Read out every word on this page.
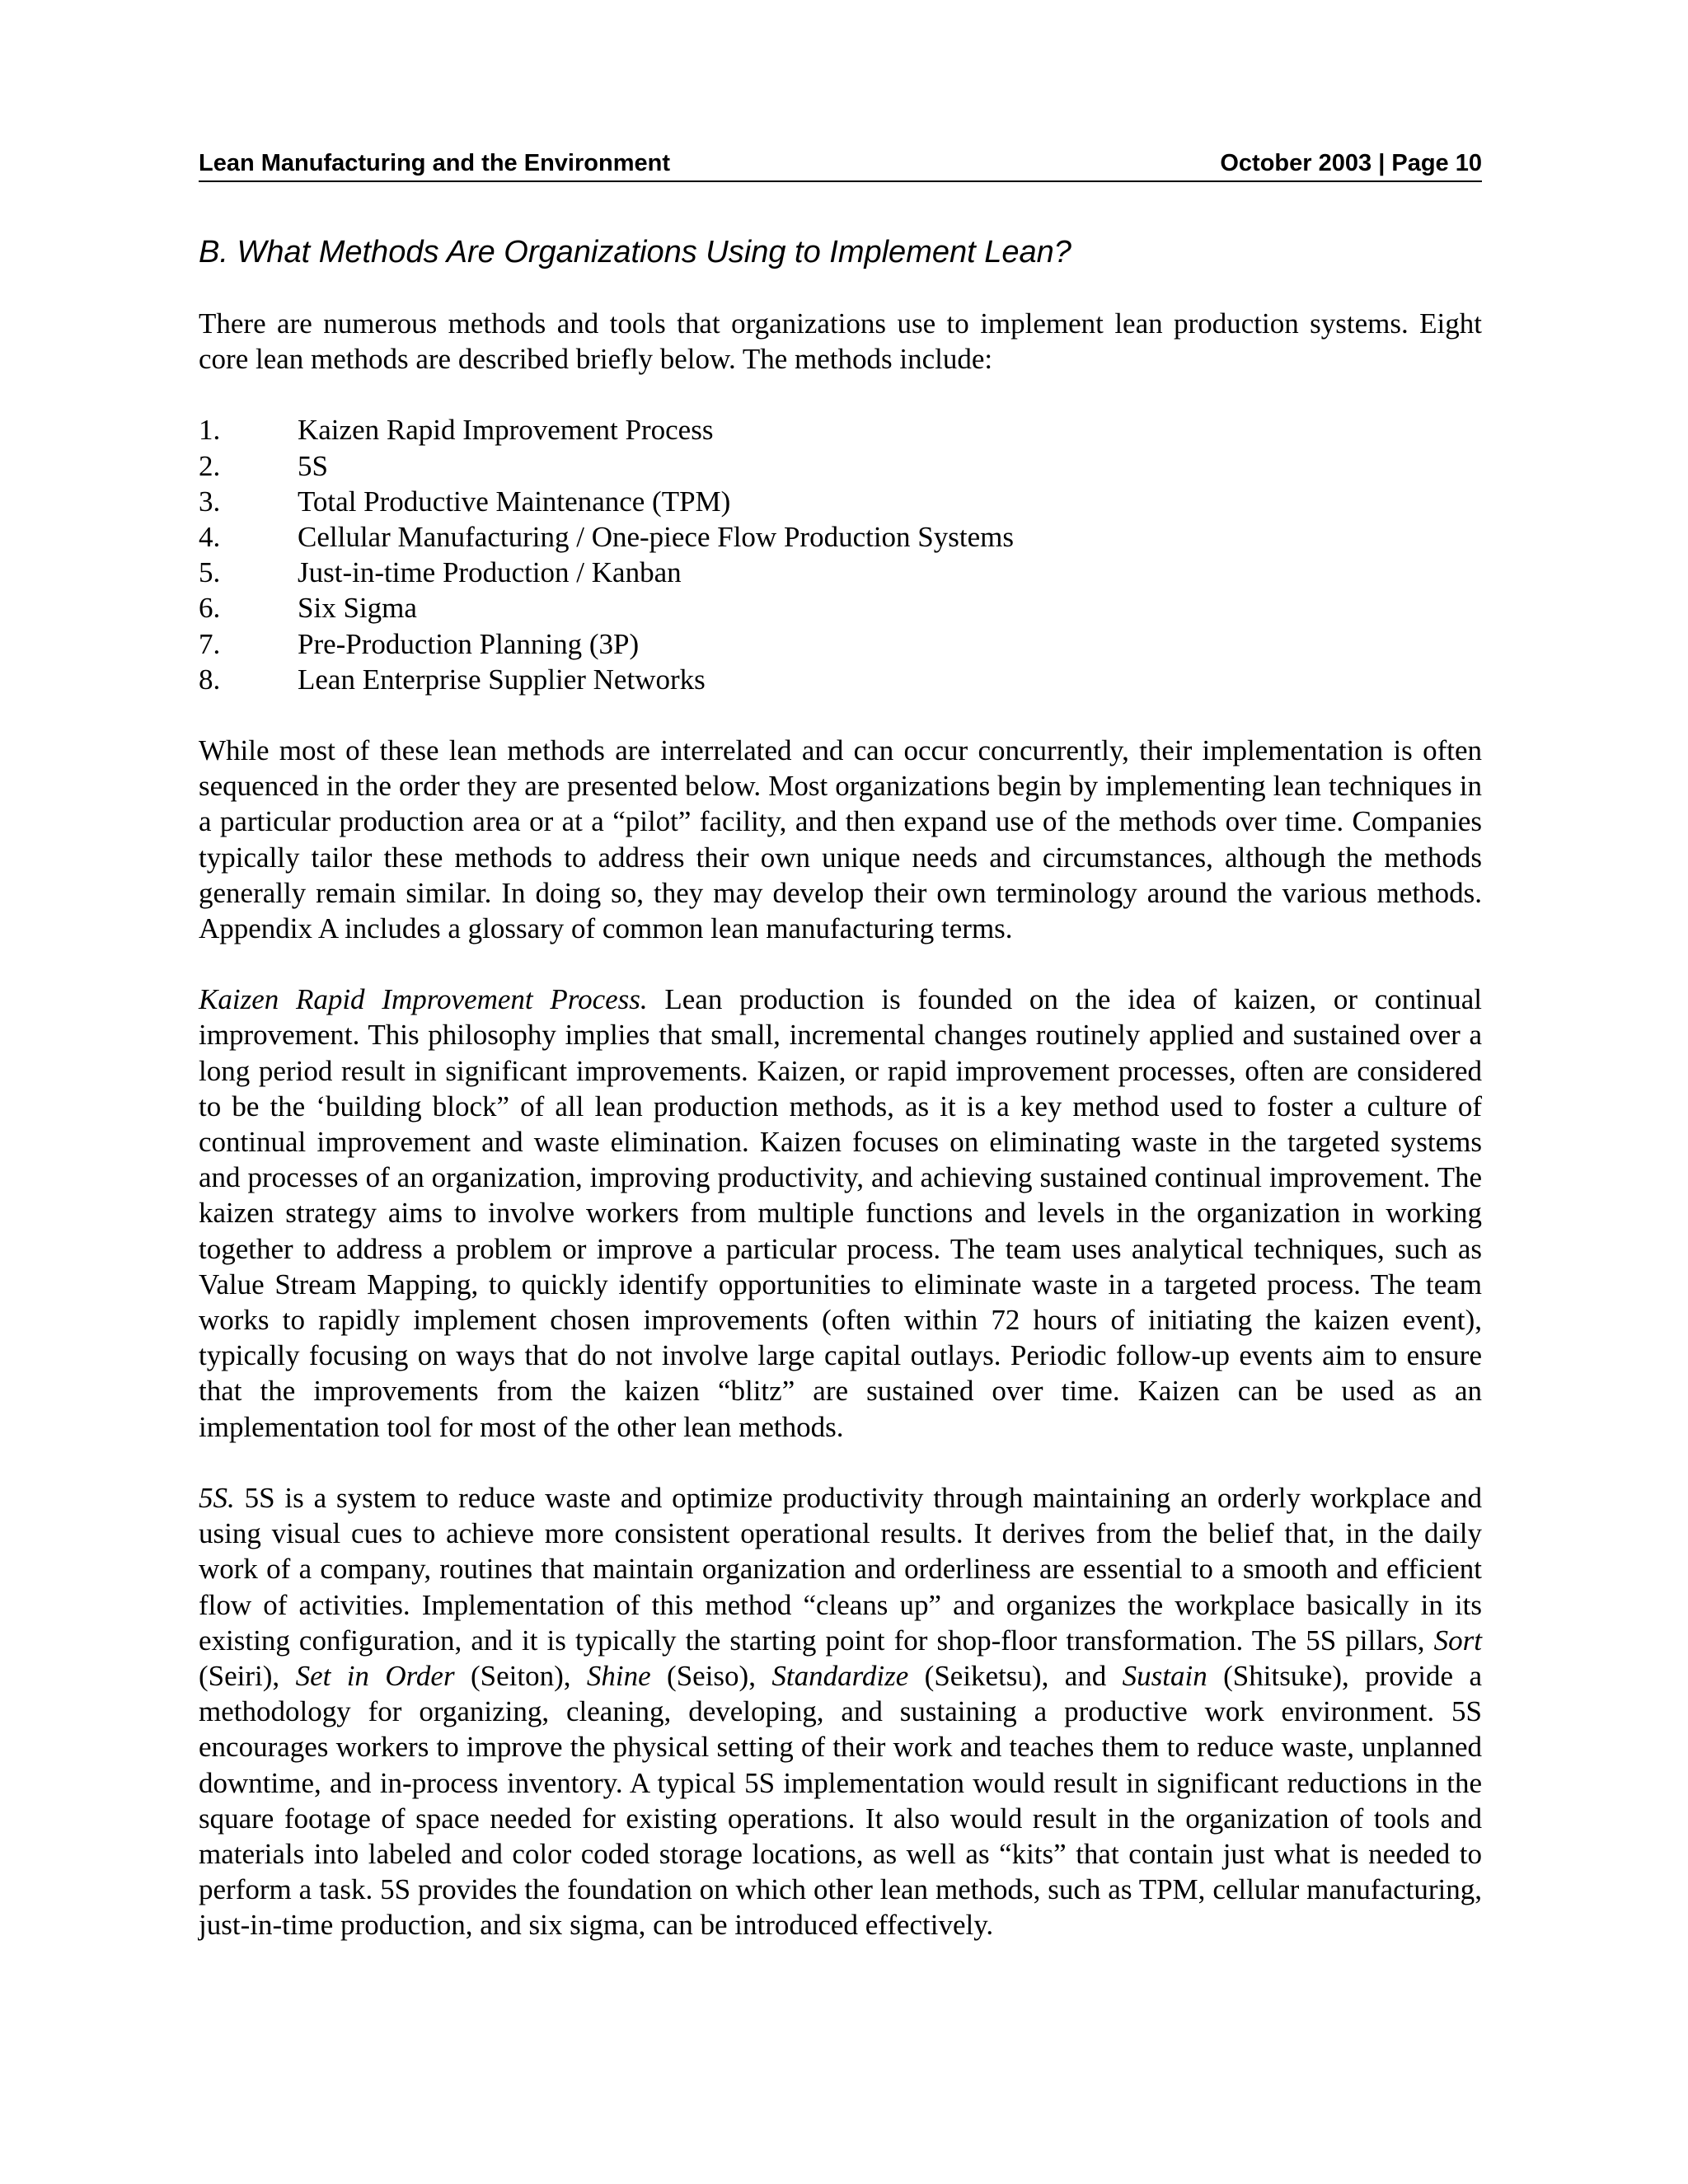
Lean Manufacturing and the Environment	October 2003 | Page 10
B. What Methods Are Organizations Using to Implement Lean?

There are numerous methods and tools that organizations use to implement lean production systems. Eight core lean methods are described briefly below. The methods include:

1.	Kaizen Rapid Improvement Process
2.	5S
3.	Total Productive Maintenance (TPM)
4.	Cellular Manufacturing / One-piece Flow Production Systems
5.	Just-in-time Production / Kanban
6.	Six Sigma
7.	Pre-Production Planning (3P)
8.	Lean Enterprise Supplier Networks

While most of these lean methods are interrelated and can occur concurrently, their implementation is often sequenced in the order they are presented below. Most organizations begin by implementing lean techniques in a particular production area or at a “pilot” facility, and then expand use of the methods over time. Companies typically tailor these methods to address their own unique needs and circumstances, although the methods generally remain similar. In doing so, they may develop their own terminology around the various methods. Appendix A includes a glossary of common lean manufacturing terms.

Kaizen Rapid Improvement Process. Lean production is founded on the idea of kaizen, or continual improvement. This philosophy implies that small, incremental changes routinely applied and sustained over a long period result in significant improvements. Kaizen, or rapid improvement processes, often are considered to be the ‘building block” of all lean production methods, as it is a key method used to foster a culture of continual improvement and waste elimination. Kaizen focuses on eliminating waste in the targeted systems and processes of an organization, improving productivity, and achieving sustained continual improvement. The kaizen strategy aims to involve workers from multiple functions and levels in the organization in working together to address a problem or improve a particular process. The team uses analytical techniques, such as Value Stream Mapping, to quickly identify opportunities to eliminate waste in a targeted process. The team works to rapidly implement chosen improvements (often within 72 hours of initiating the kaizen event), typically focusing on ways that do not involve large capital outlays. Periodic follow-up events aim to ensure that the improvements from the kaizen “blitz” are sustained over time. Kaizen can be used as an implementation tool for most of the other lean methods.

5S. 5S is a system to reduce waste and optimize productivity through maintaining an orderly workplace and using visual cues to achieve more consistent operational results. It derives from the belief that, in the daily work of a company, routines that maintain organization and orderliness are essential to a smooth and efficient flow of activities. Implementation of this method “cleans up” and organizes the workplace basically in its existing configuration, and it is typically the starting point for shop-floor transformation. The 5S pillars, Sort (Seiri), Set in Order (Seiton), Shine (Seiso), Standardize (Seiketsu), and Sustain (Shitsuke), provide a methodology for organizing, cleaning, developing, and sustaining a productive work environment. 5S encourages workers to improve the physical setting of their work and teaches them to reduce waste, unplanned downtime, and in-process inventory. A typical 5S implementation would result in significant reductions in the square footage of space needed for existing operations. It also would result in the organization of tools and materials into labeled and color coded storage locations, as well as “kits” that contain just what is needed to perform a task. 5S provides the foundation on which other lean methods, such as TPM, cellular manufacturing, just-in-time production, and six sigma, can be introduced effectively.
